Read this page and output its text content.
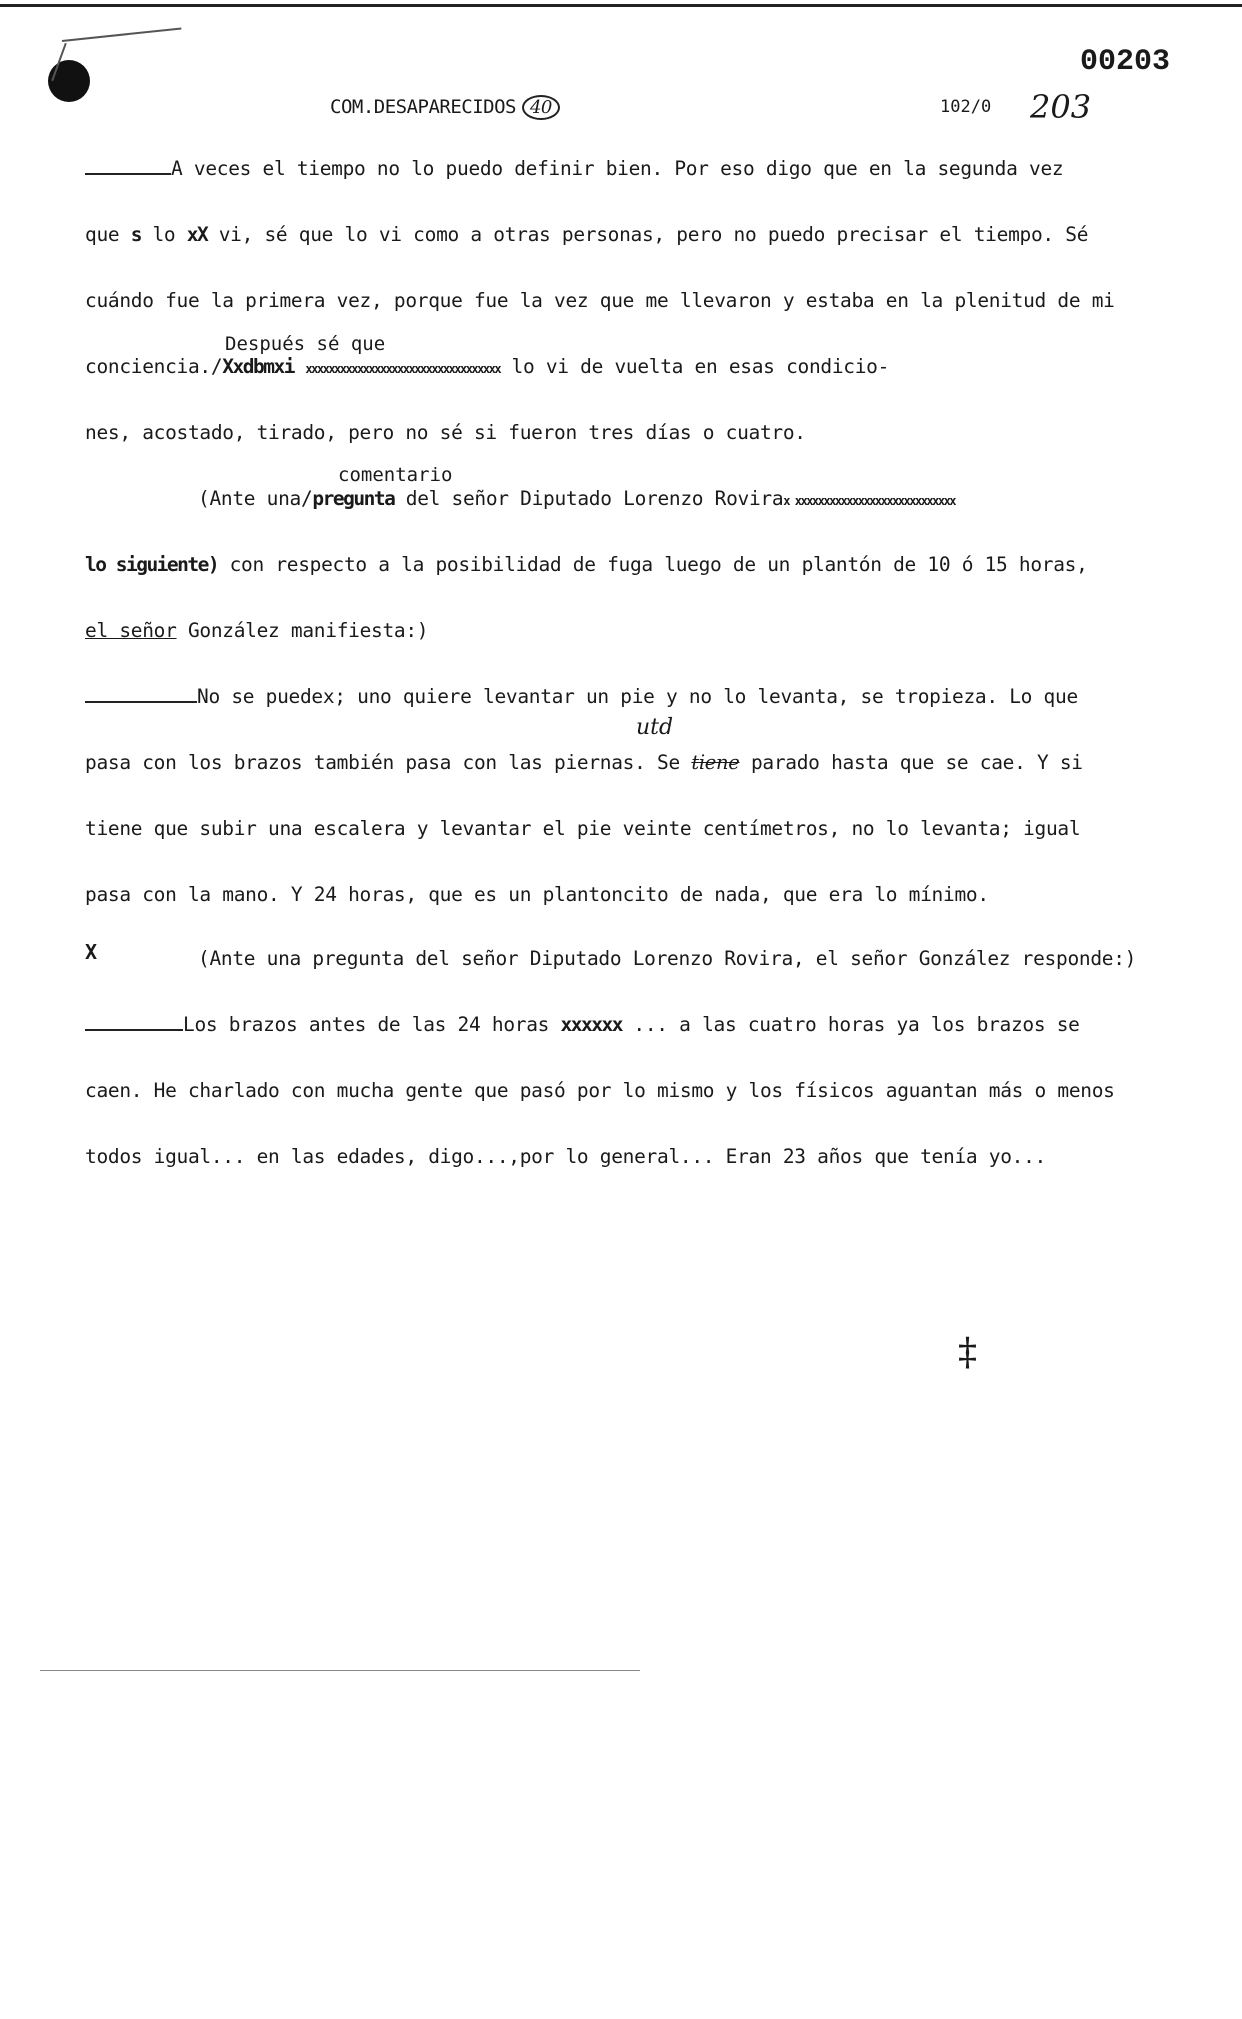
COM.DESAPARECIDOS 40
00203
102/0 203
A veces el tiempo no lo puedo definir bien. Por eso digo que en la segunda vez
que s lo xX vi, sé que lo vi como a otras personas, pero no puedo precisar el tiempo. Sé
cuándo fue la primera vez, porque fue la vez que me llevaron y estaba en la plenitud de mi
Después sé que
conciencia./Xxdbmxi xxxxxxxxxxxxxxxxxxxxxxxxxxxxxxxxxx lo vi de vuelta en esas condicio-
nes, acostado, tirado, pero no sé si fueron tres días o cuatro.
comentario
(Ante una/pregunta del señor Diputado Lorenzo Rovirax xxxxxxxxxxxxxxxxxxxxxxxxxxxx
lo siguiente) con respecto a la posibilidad de fuga luego de un plantón de 10 ó 15 horas,
el señor González manifiesta:)
No se puedex; uno quiere levantar un pie y no lo levanta, se tropieza. Lo que
utd
pasa con los brazos también pasa con las piernas. Se tiene parado hasta que se cae. Y si
tiene que subir una escalera y levantar el pie veinte centímetros, no lo levanta; igual
pasa con la mano. Y 24 horas, que es un plantoncito de nada, que era lo mínimo.
X	(Ante una pregunta del señor Diputado Lorenzo Rovira, el señor González responde:)
Los brazos antes de las 24 horas xxxxxx ... a las cuatro horas ya los brazos se
caen. He charlado con mucha gente que pasó por lo mismo y los físicos aguantan más o menos
todos igual... en las edades, digo...,por lo general... Eran 23 años que tenía yo...
‡
